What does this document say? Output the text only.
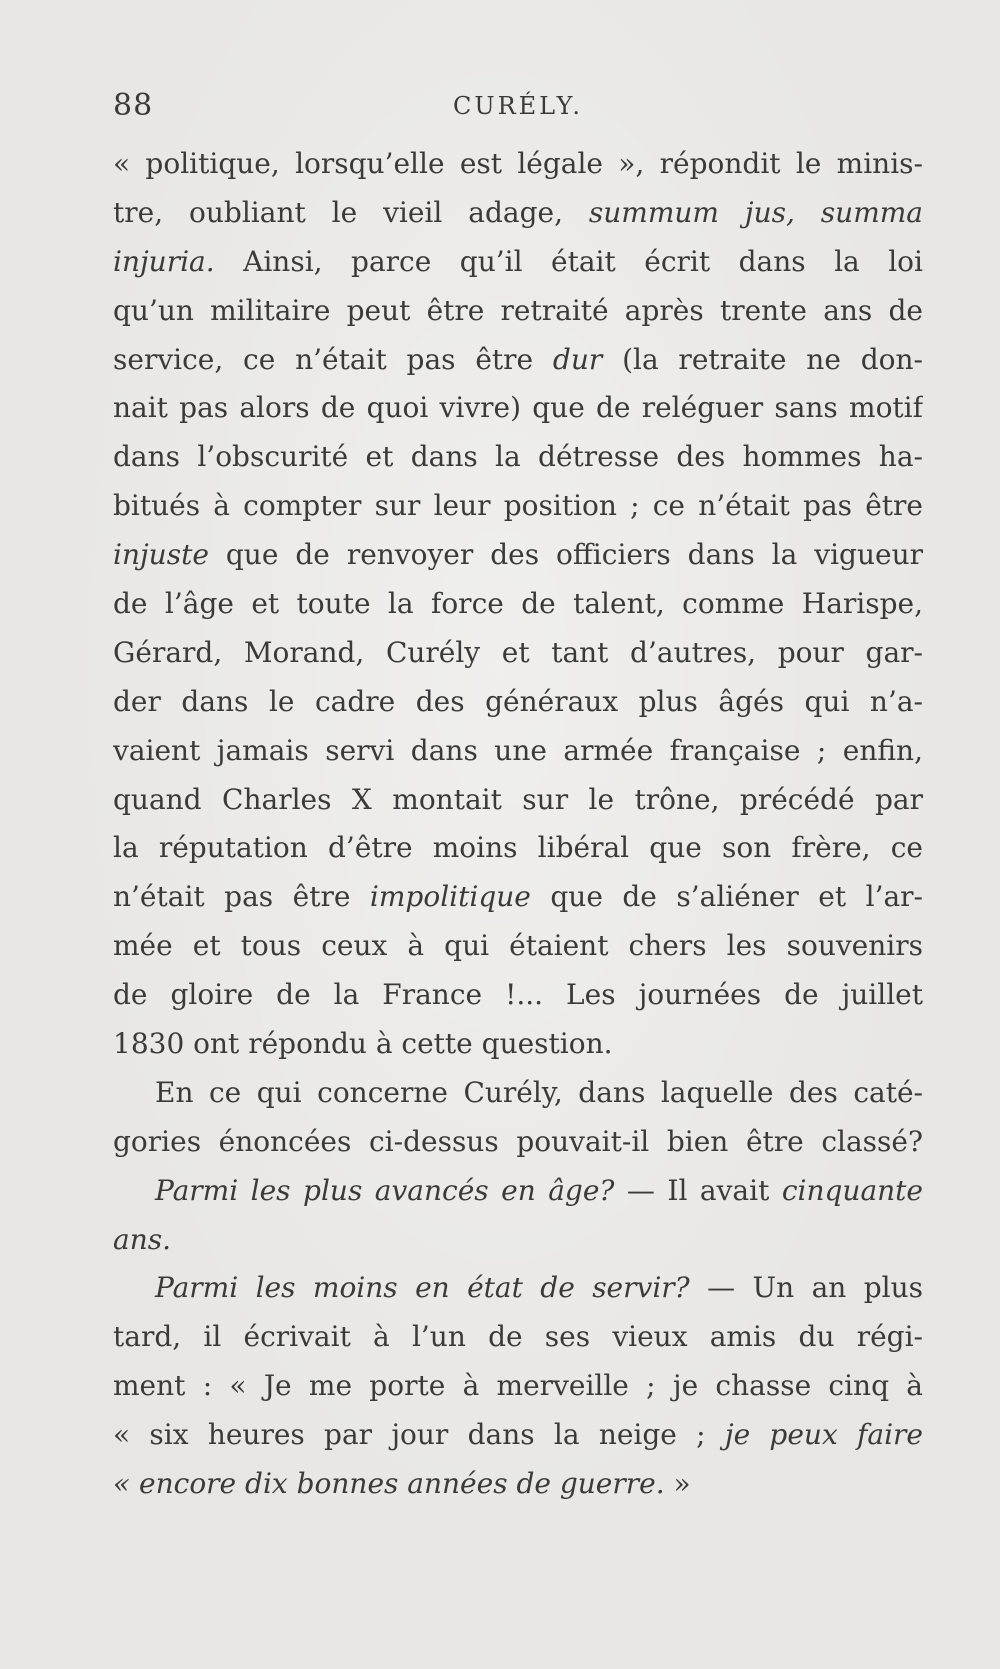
88	CURÉLY.
« politique, lorsqu’elle est légale », répondit le minis-
tre, oubliant le vieil adage, summum jus, summa
injuria. Ainsi, parce qu’il était écrit dans la loi
qu’un militaire peut être retraité après trente ans de
service, ce n’était pas être dur (la retraite ne don-
nait pas alors de quoi vivre) que de reléguer sans motif
dans l’obscurité et dans la détresse des hommes ha-
bitués à compter sur leur position ; ce n’était pas être
injuste que de renvoyer des officiers dans la vigueur
de l’âge et toute la force de talent, comme Harispe,
Gérard, Morand, Curély et tant d’autres, pour gar-
der dans le cadre des généraux plus âgés qui n’a-
vaient jamais servi dans une armée française ; enfin,
quand Charles X montait sur le trône, précédé par
la réputation d’être moins libéral que son frère, ce
n’était pas être impolitique que de s’aliéner et l’ar-
mée et tous ceux à qui étaient chers les souvenirs
de gloire de la France !... Les journées de juillet
1830 ont répondu à cette question.
En ce qui concerne Curély, dans laquelle des caté-
gories énoncées ci-dessus pouvait-il bien être classé?
Parmi les plus avancés en âge? — Il avait cinquante
ans.
Parmi les moins en état de servir? — Un an plus
tard, il écrivait à l’un de ses vieux amis du régi-
ment : « Je me porte à merveille ; je chasse cinq à
« six heures par jour dans la neige ; je peux faire
« encore dix bonnes années de guerre. »
